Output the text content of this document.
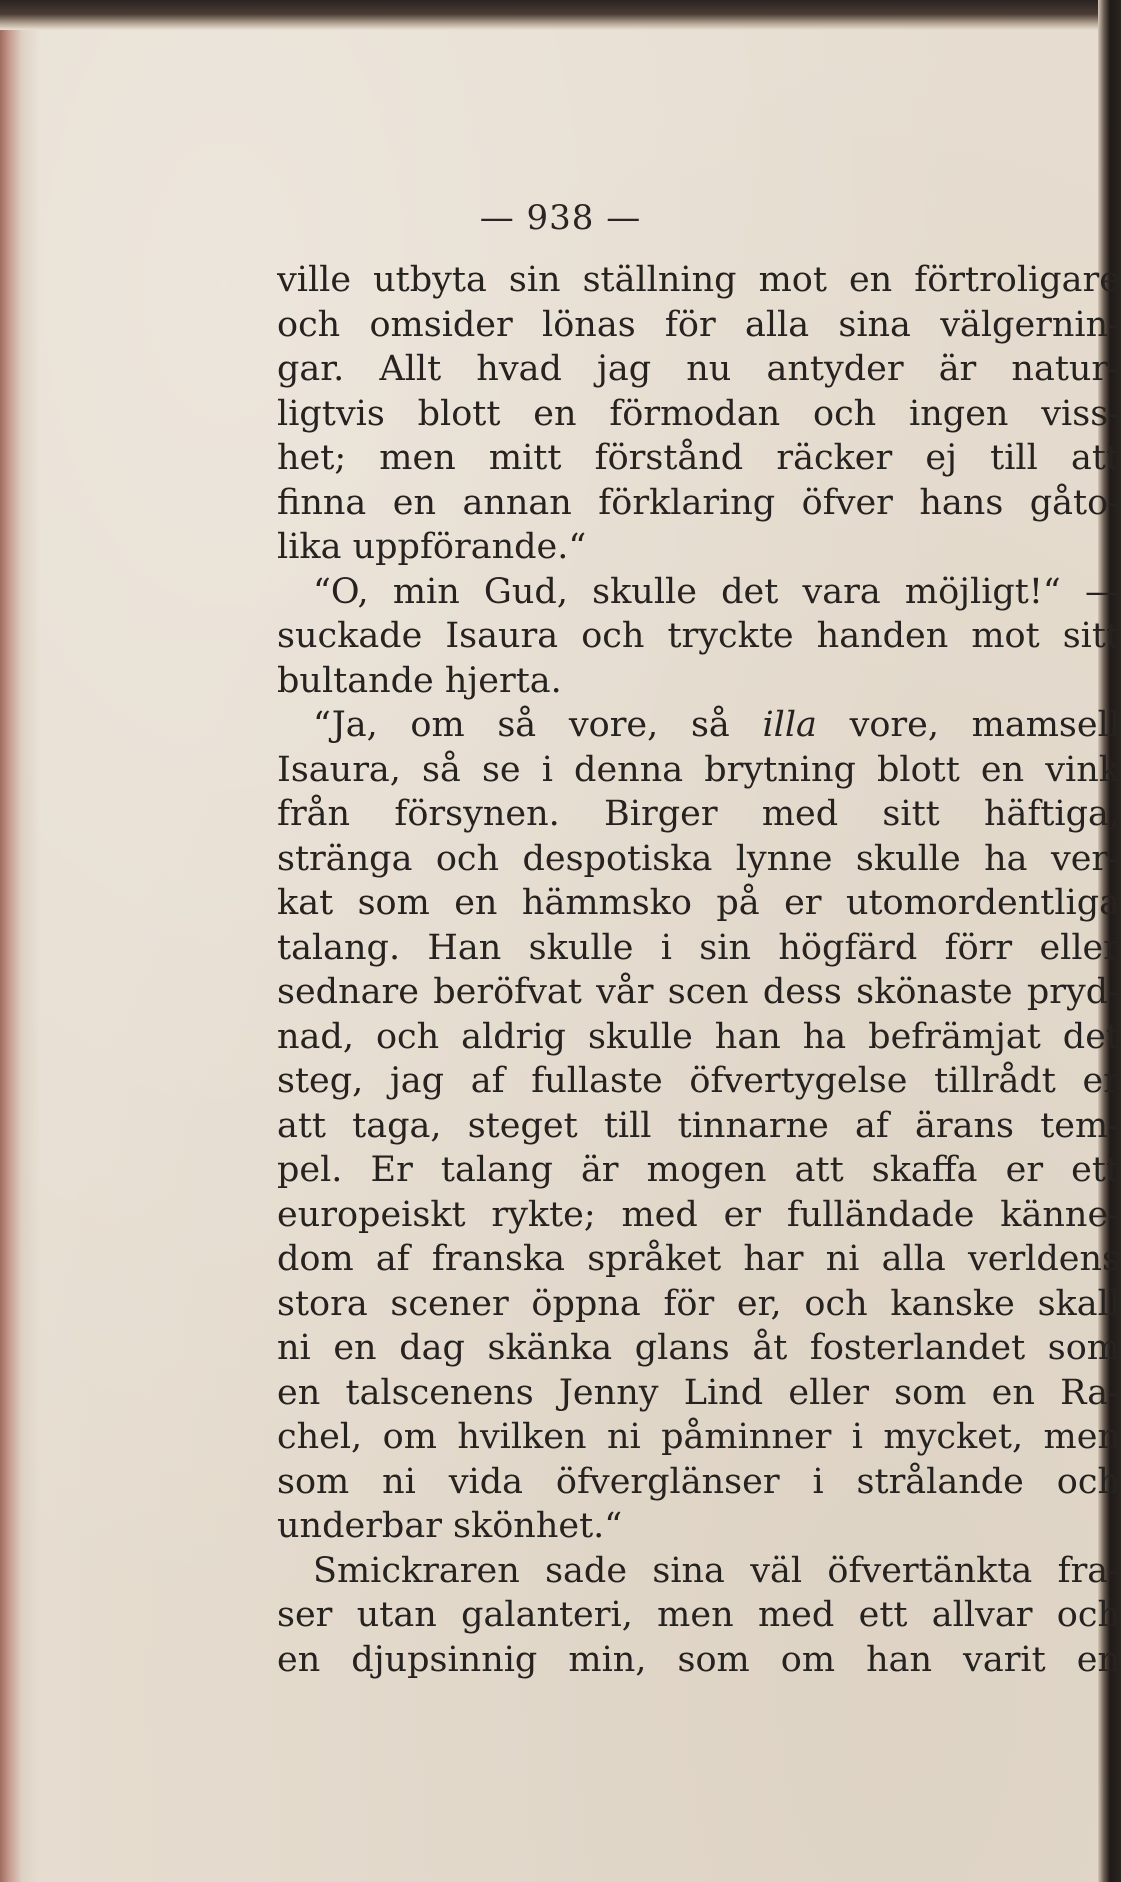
— 938 —
ville utbyta sin ställning mot en förtroligare
och omsider lönas för alla sina välgernin-
gar. Allt hvad jag nu antyder är natur-
ligtvis blott en förmodan och ingen viss-
het; men mitt förstånd räcker ej till att
finna en annan förklaring öfver hans gåto-
lika uppförande.“
“O, min Gud, skulle det vara möjligt!“ —
suckade Isaura och tryckte handen mot sitt
bultande hjerta.
“Ja, om så vore, så illa vore, mamsell
Isaura, så se i denna brytning blott en vink
från försynen. Birger med sitt häftiga,
stränga och despotiska lynne skulle ha ver-
kat som en hämmsko på er utomordentliga
talang. Han skulle i sin högfärd förr eller
sednare beröfvat vår scen dess skönaste pryd-
nad, och aldrig skulle han ha befrämjat det
steg, jag af fullaste öfvertygelse tillrådt er
att taga, steget till tinnarne af ärans tem-
pel. Er talang är mogen att skaffa er ett
europeiskt rykte; med er fulländade känne-
dom af franska språket har ni alla verldens
stora scener öppna för er, och kanske skall
ni en dag skänka glans åt fosterlandet som
en talscenens Jenny Lind eller som en Ra-
chel, om hvilken ni påminner i mycket, men
som ni vida öfverglänser i strålande och
underbar skönhet.“
Smickraren sade sina väl öfvertänkta fra-
ser utan galanteri, men med ett allvar och
en djupsinnig min, som om han varit en
